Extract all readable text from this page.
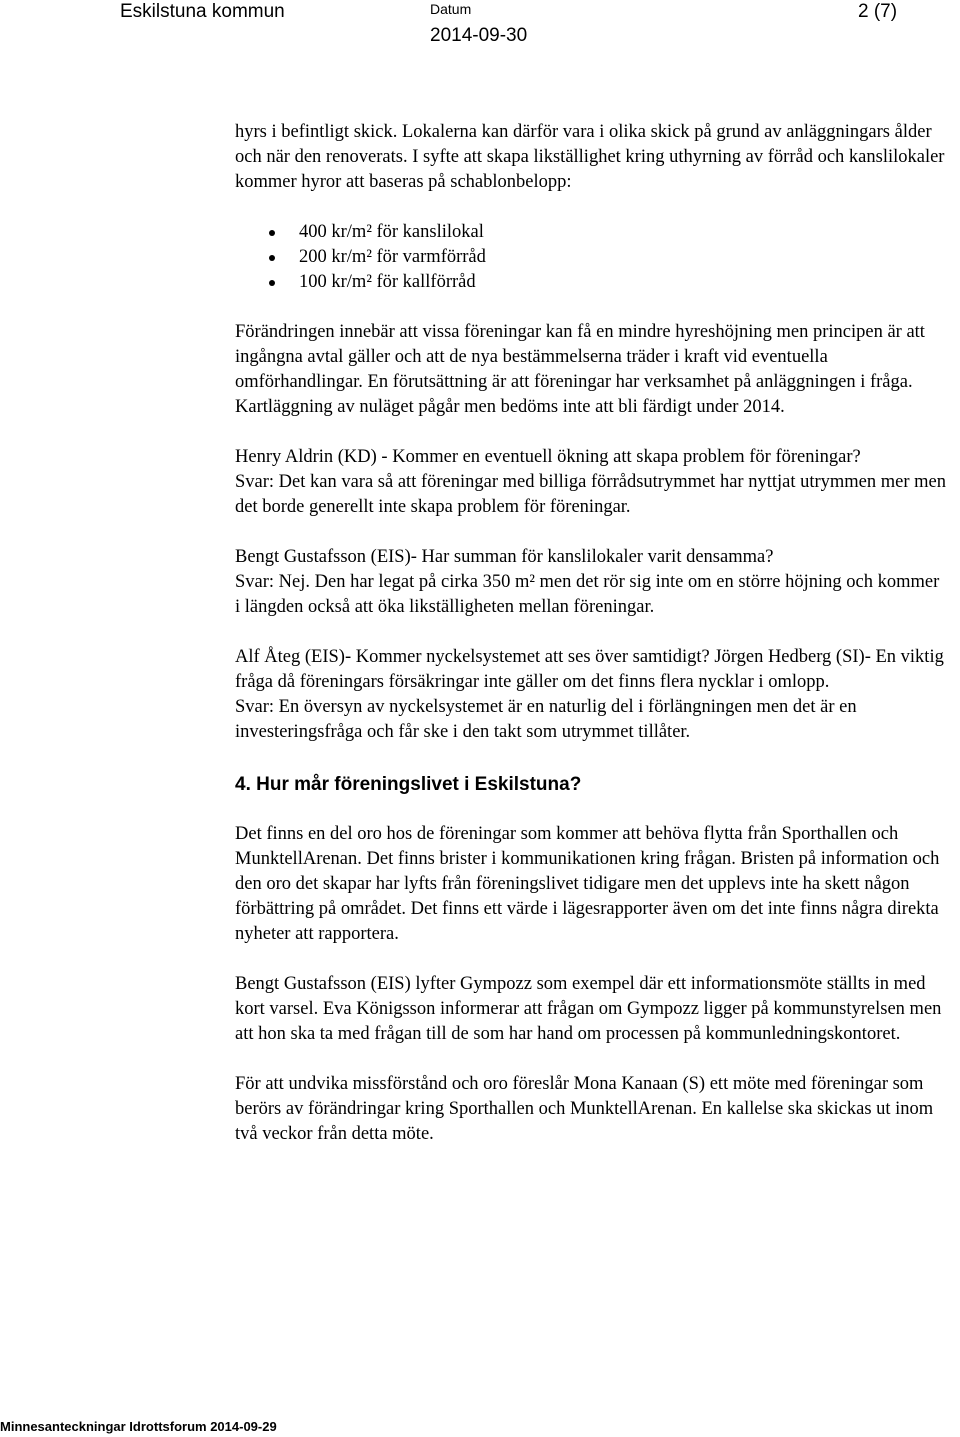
Eskilstuna kommun	Datum
2014-09-30
2 (7)

hyrs i befintligt skick. Lokalerna kan därför vara i olika skick på grund av anläggningars ålder och när den renoverats. I syfte att skapa likställighet kring uthyrning av förråd och kanslilokaler kommer hyror att baseras på schablonbelopp:

400 kr/m² för kanslilokal
200 kr/m² för varmförråd
100 kr/m² för kallförråd

Förändringen innebär att vissa föreningar kan få en mindre hyreshöjning men principen är att ingångna avtal gäller och att de nya bestämmelserna träder i kraft vid eventuella omförhandlingar. En förutsättning är att föreningar har verksamhet på anläggningen i fråga. Kartläggning av nuläget pågår men bedöms inte att bli färdigt under 2014.

Henry Aldrin (KD) - Kommer en eventuell ökning att skapa problem för föreningar?

Svar: Det kan vara så att föreningar med billiga förrådsutrymmet har nyttjat utrymmen mer men det borde generellt inte skapa problem för föreningar.

Bengt Gustafsson (EIS)- Har summan för kanslilokaler varit densamma?

Svar: Nej. Den har legat på cirka 350 m² men det rör sig inte om en större höjning och kommer i längden också att öka likställigheten mellan föreningar.

Alf Åteg (EIS)- Kommer nyckelsystemet att ses över samtidigt? Jörgen Hedberg (SI)- En viktig fråga då föreningars försäkringar inte gäller om det finns flera nycklar i omlopp.

Svar: En översyn av nyckelsystemet är en naturlig del i förlängningen men det är en investeringsfråga och får ske i den takt som utrymmet tillåter.

4. Hur mår föreningslivet i Eskilstuna?

Det finns en del oro hos de föreningar som kommer att behöva flytta från Sporthallen och MunktellArenan. Det finns brister i kommunikationen kring frågan. Bristen på information och den oro det skapar har lyfts från föreningslivet tidigare men det upplevs inte ha skett någon förbättring på området. Det finns ett värde i lägesrapporter även om det inte finns några direkta nyheter att rapportera.

Bengt Gustafsson (EIS) lyfter Gympozz som exempel där ett informationsmöte ställts in med kort varsel. Eva Königsson informerar att frågan om Gympozz ligger på kommunstyrelsen men att hon ska ta med frågan till de som har hand om processen på kommunledningskontoret.

För att undvika missförstånd och oro föreslår Mona Kanaan (S) ett möte med föreningar som berörs av förändringar kring Sporthallen och MunktellArenan. En kallelse ska skickas ut inom två veckor från detta möte.

Minnesanteckningar Idrottsforum 2014-09-29
